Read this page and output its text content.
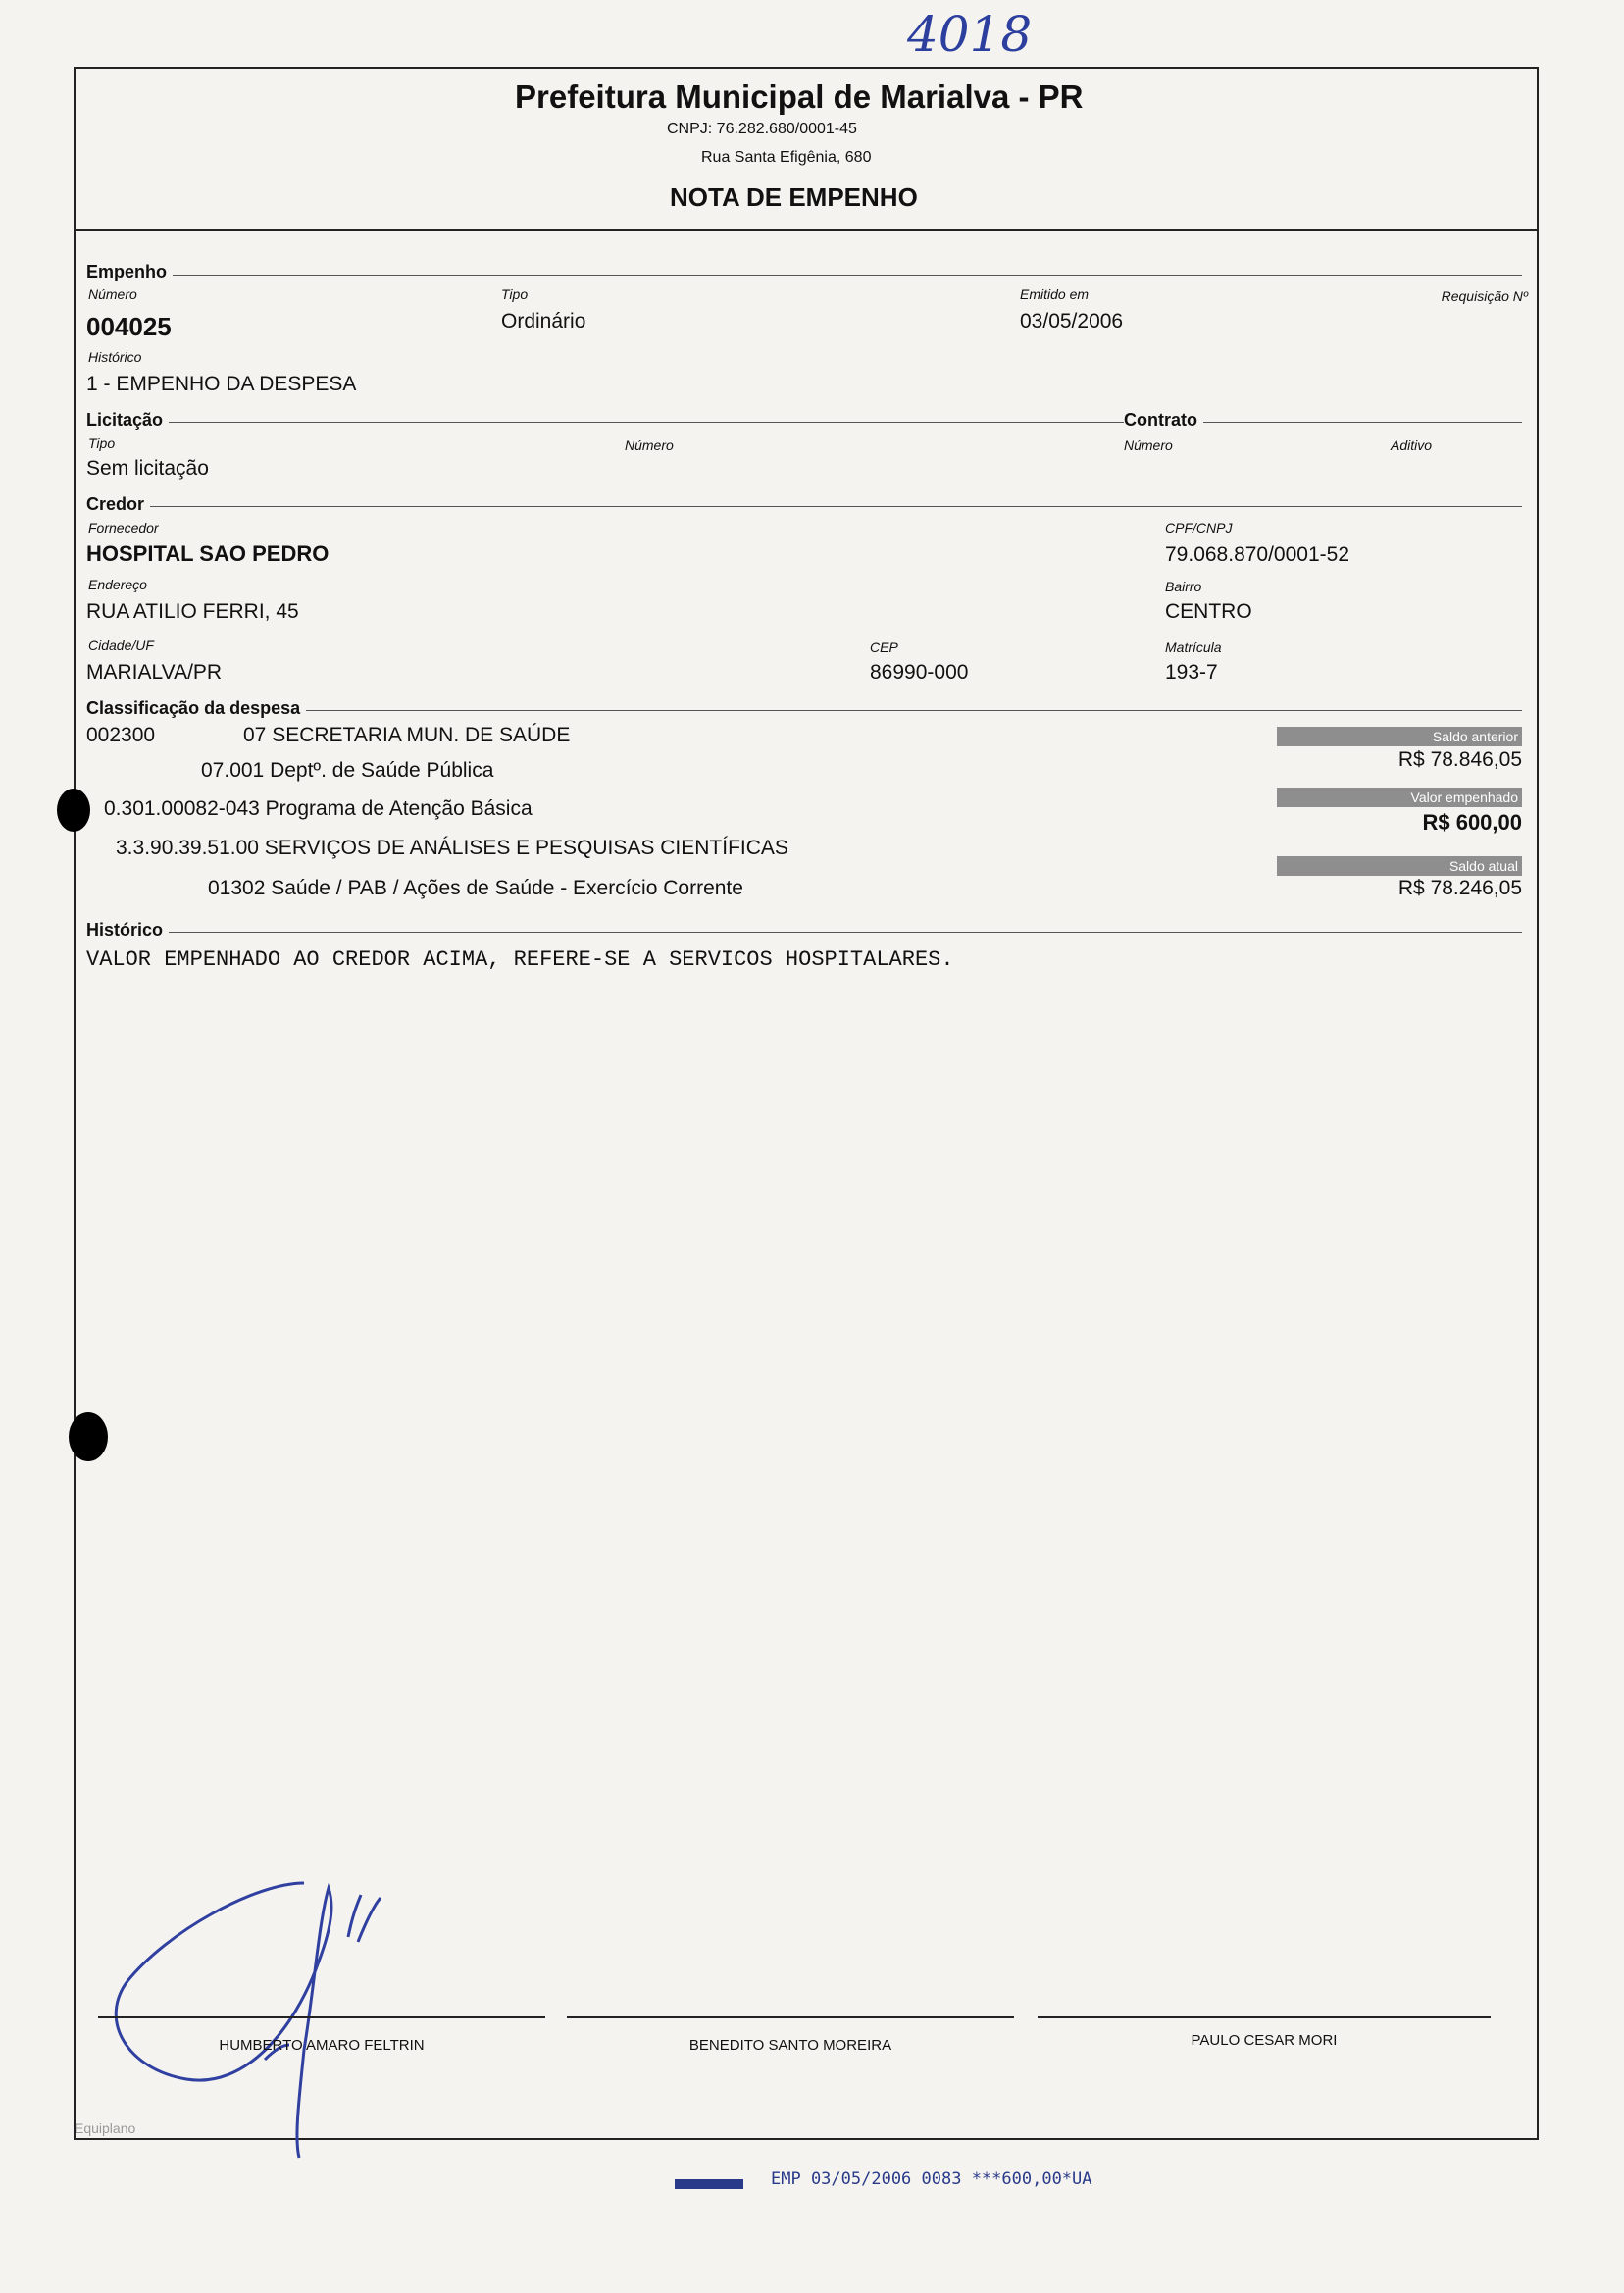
4018
Prefeitura Municipal de Marialva - PR
CNPJ: 76.282.680/0001-45
Rua Santa Efigênia, 680
NOTA DE EMPENHO
Empenho
Número
004025
Tipo
Ordinário
Emitido em
03/05/2006
Requisição Nº
Histórico
1 - EMPENHO DA DESPESA
Licitação	Contrato
Tipo
Sem licitação
Número	Número	Aditivo
Credor
Fornecedor
HOSPITAL SAO PEDRO
CPF/CNPJ
79.068.870/0001-52
Endereço
RUA ATILIO FERRI, 45
Bairro
CENTRO
Cidade/UF
MARIALVA/PR
CEP
86990-000
Matrícula
193-7
Classificação da despesa
002300	07 SECRETARIA MUN. DE SAÚDE
07.001 Deptº. de Saúde Pública
0.301.00082-043 Programa de Atenção Básica
3.3.90.39.51.00 SERVIÇOS DE ANÁLISES E PESQUISAS CIENTÍFICAS
01302 Saúde / PAB / Ações de Saúde - Exercício Corrente
Saldo anterior
R$ 78.846,05
Valor empenhado
R$ 600,00
Saldo atual
R$ 78.246,05
Histórico
VALOR EMPENHADO AO CREDOR ACIMA, REFERE-SE A SERVICOS HOSPITALARES.
HUMBERTO AMARO FELTRIN	BENEDITO SANTO MOREIRA	PAULO CESAR MORI
Equiplano
EMP 03/05/2006 0083 ***600,00*UA
